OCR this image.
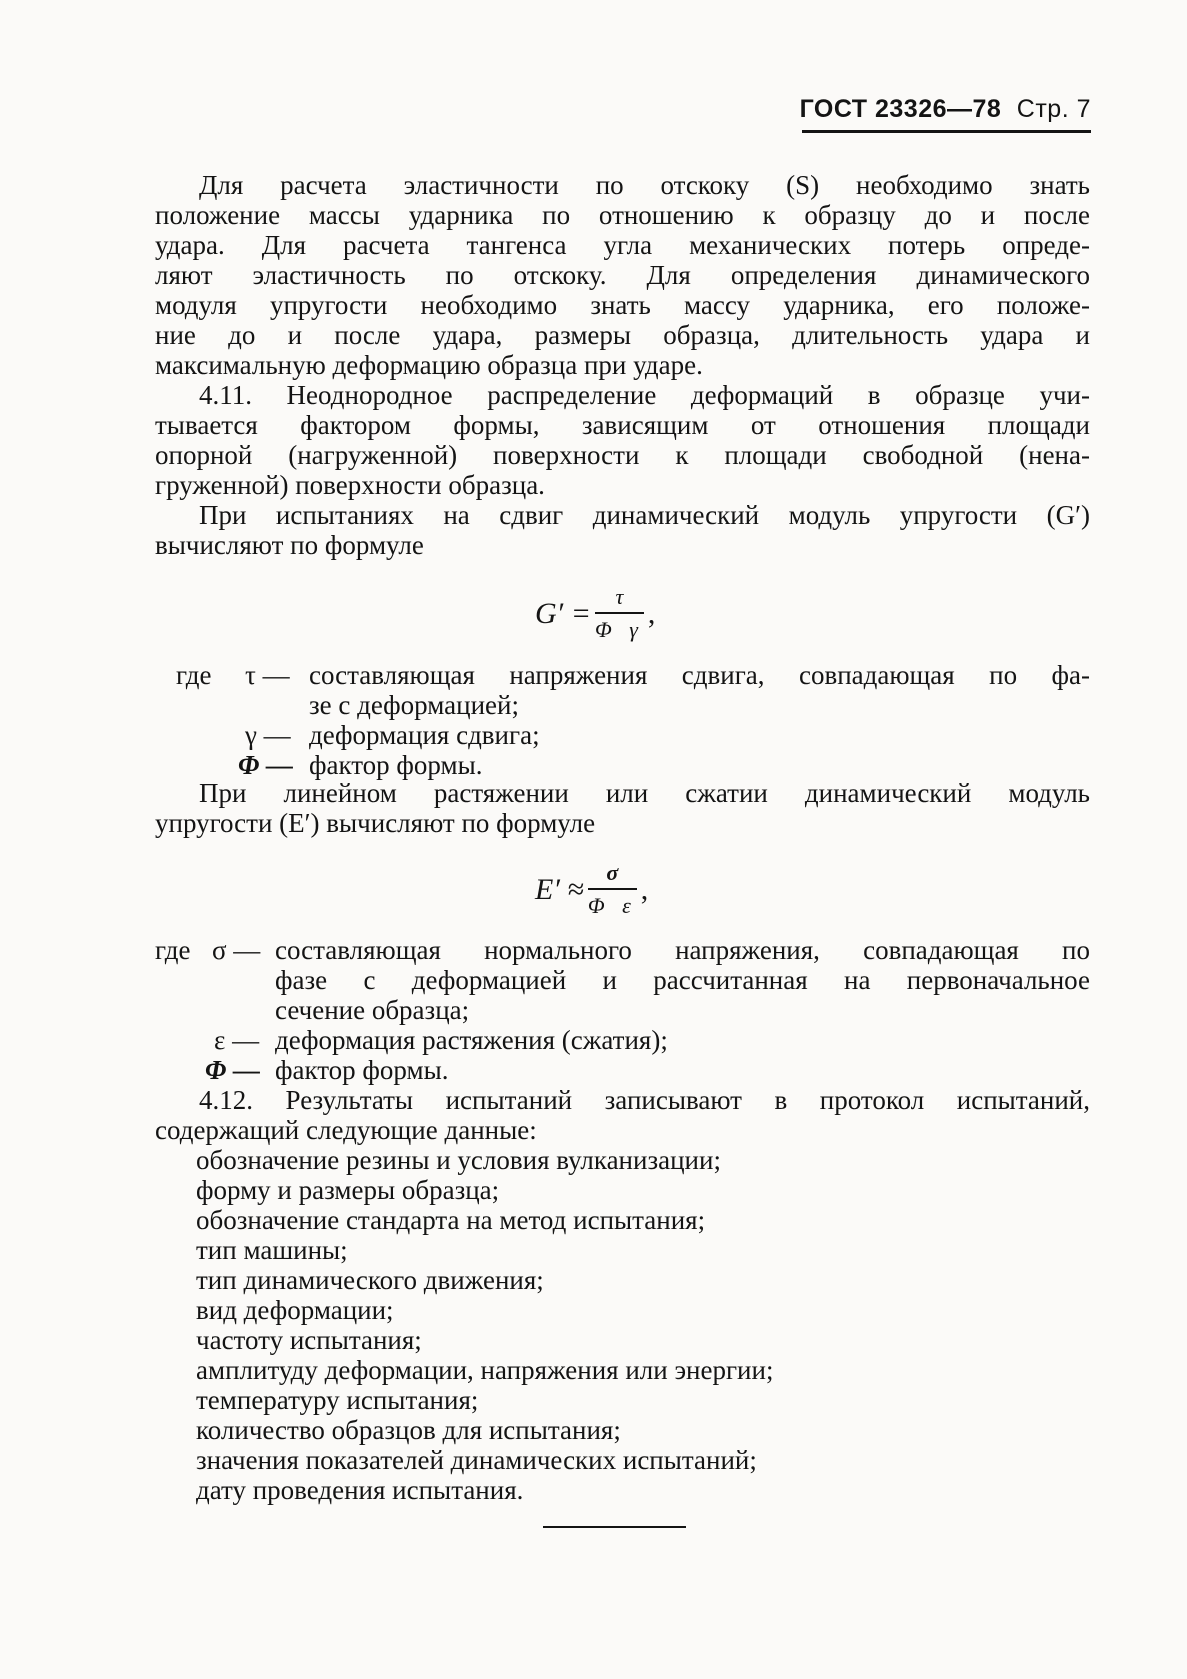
ГОСТ 23326—78 Стр. 7
Для расчета эластичности по отскоку (S) необходимо знать
положение массы ударника по отношению к образцу до и после
удара. Для расчета тангенса угла механических потерь опреде-
ляют эластичность по отскоку. Для определения динамического
модуля упругости необходимо знать массу ударника, его положе-
ние до и после удара, размеры образца, длительность удара и
максимальную деформацию образца при ударе.
4.11. Неоднородное распределение деформаций в образце учи-
тывается фактором формы, зависящим от отношения площади
опорной (нагруженной) поверхности к площади свободной (нена-
груженной) поверхности образца.
При испытаниях на сдвиг динамический модуль упругости (G′)
вычисляют по формуле
$G' = \frac{\tau}{\text{Φ γ}}$ ,
где τ — составляющая напряжения сдвига, совпадающая по фа-
зе с деформацией;
γ — деформация сдвига;
Φ — фактор формы.
При линейном растяжении или сжатии динамический модуль
упругости (E′) вычисляют по формуле
$E' \approx \frac{\sigma}{\text{Φ ε}}$ ,
где σ — составляющая нормального напряжения, совпадающая по
фазе с деформацией и рассчитанная на первоначальное
сечение образца;
ε — деформация растяжения (сжатия);
Φ — фактор формы.
4.12. Результаты испытаний записывают в протокол испытаний,
содержащий следующие данные:
обозначение резины и условия вулканизации;
форму и размеры образца;
обозначение стандарта на метод испытания;
тип машины;
тип динамического движения;
вид деформации;
частоту испытания;
амплитуду деформации, напряжения или энергии;
температуру испытания;
количество образцов для испытания;
значения показателей динамических испытаний;
дату проведения испытания.
